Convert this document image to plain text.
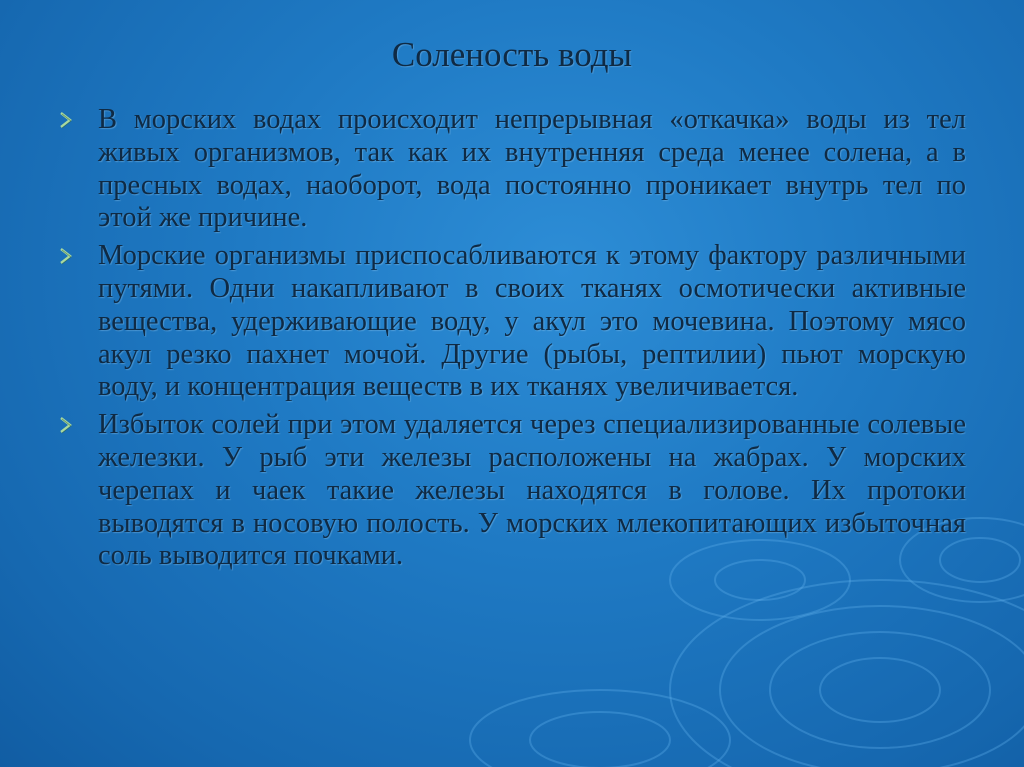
Соленость воды
В морских водах происходит непрерывная «откачка» воды из тел живых организмов, так как их внутренняя среда менее солена, а в пресных водах, наоборот, вода постоянно проникает внутрь тел по этой же причине.
Морские организмы приспосабливаются к этому фактору различными путями. Одни накапливают в своих тканях осмотически активные вещества, удерживающие воду, у акул это мочевина. Поэтому мясо акул резко пахнет мочой. Другие (рыбы, рептилии) пьют морскую воду, и концентрация веществ в их тканях увеличивается.
Избыток солей при этом удаляется через специализированные солевые железки. У рыб эти железы расположены на жабрах. У морских черепах и чаек такие железы находятся в голове. Их протоки выводятся в носовую полость. У морских млекопитающих избыточная соль выводится почками.
